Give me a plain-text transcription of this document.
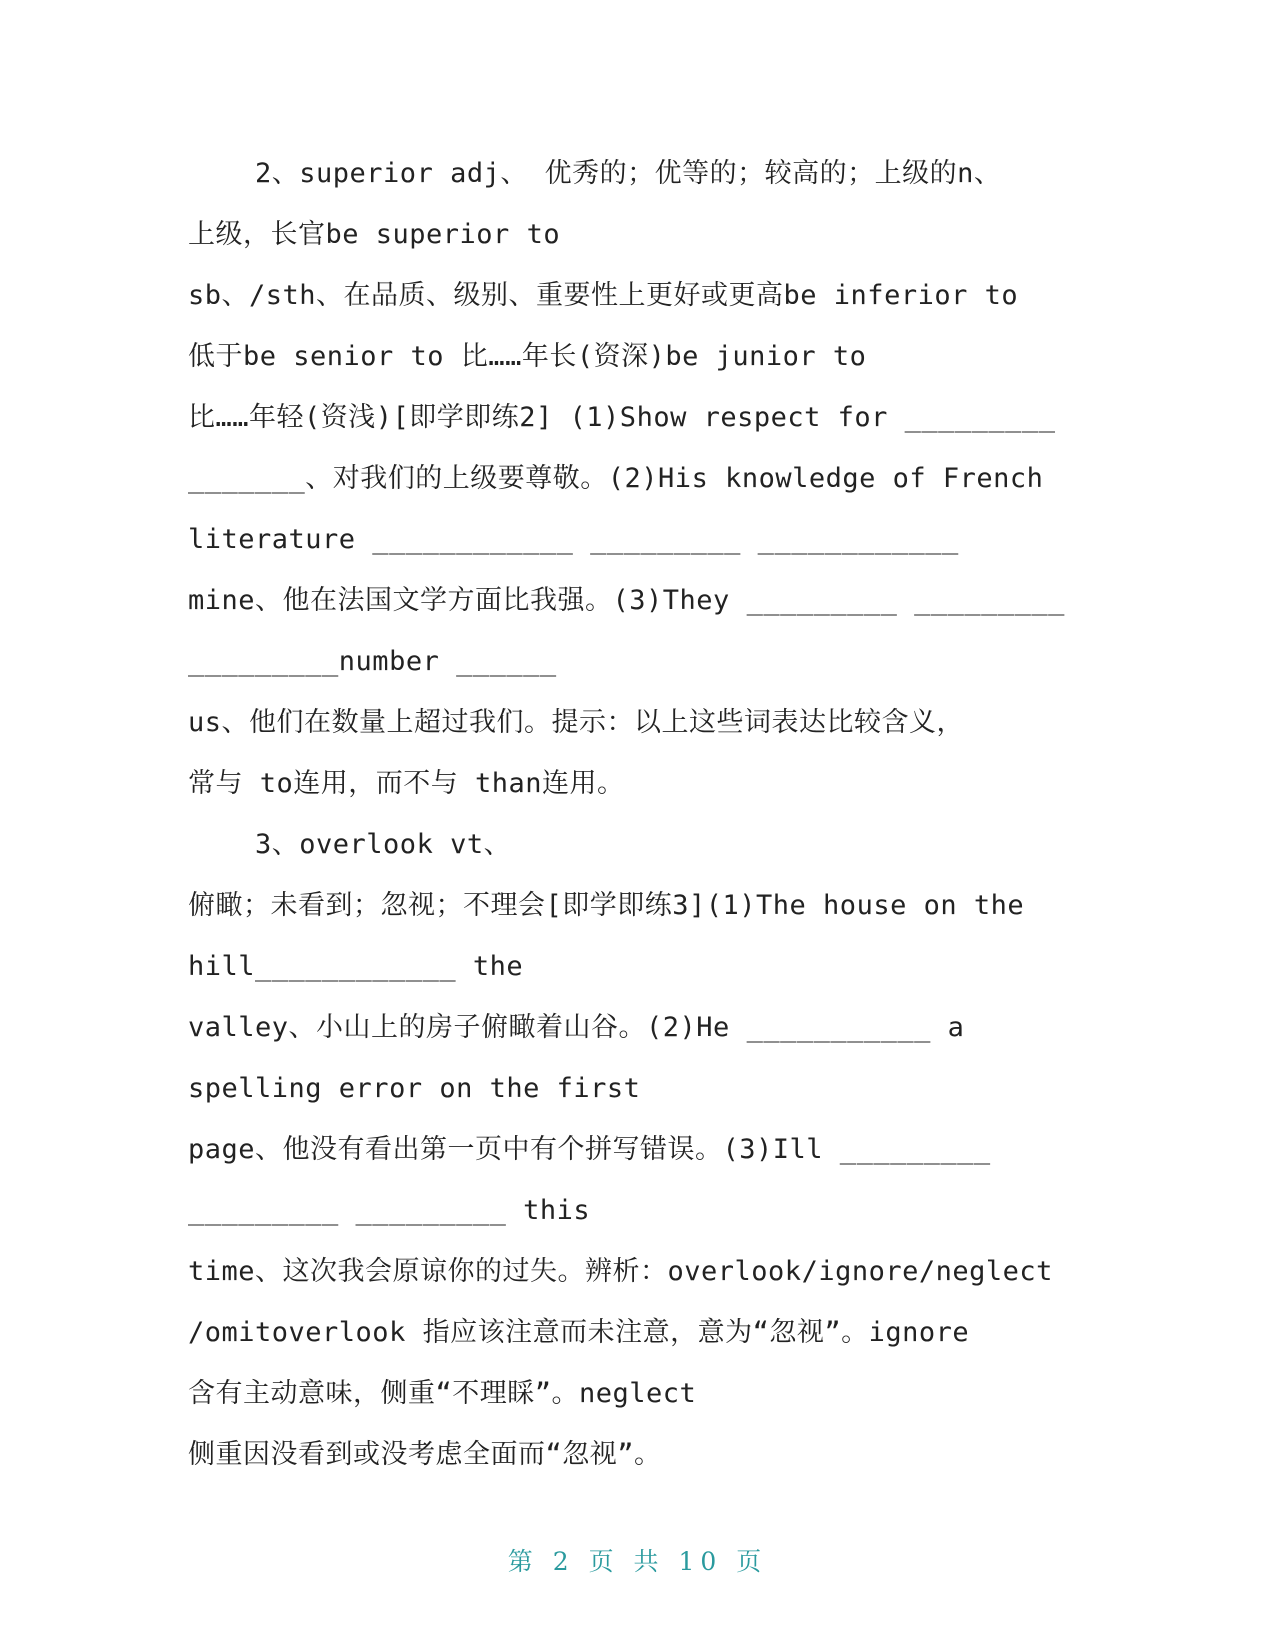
2、superior adj、 优秀的；优等的；较高的；上级的n、
上级，长官be superior to
sb、/sth、在品质、级别、重要性上更好或更高be inferior to
低于be senior to 比……年长(资深)be junior to
比……年轻(资浅)[即学即练2] (1)Show respect for _________
_______、对我们的上级要尊敬。(2)His knowledge of French
literature ____________ _________ ____________
mine、他在法国文学方面比我强。(3)They _________ _________
_________number ______
us、他们在数量上超过我们。提示：以上这些词表达比较含义，
常与 to连用，而不与 than连用。
3、overlook vt、
俯瞰；未看到；忽视；不理会[即学即练3](1)The house on the
hill____________ the
valley、小山上的房子俯瞰着山谷。(2)He ___________ a
spelling error on the first
page、他没有看出第一页中有个拼写错误。(3)Ill _________
_________ _________ this
time、这次我会原谅你的过失。辨析：overlook/ignore/neglect
/omitoverlook 指应该注意而未注意，意为“忽视”。ignore
含有主动意味，侧重“不理睬”。neglect
侧重因没看到或没考虑全面而“忽视”。
第 2 页 共 10 页
